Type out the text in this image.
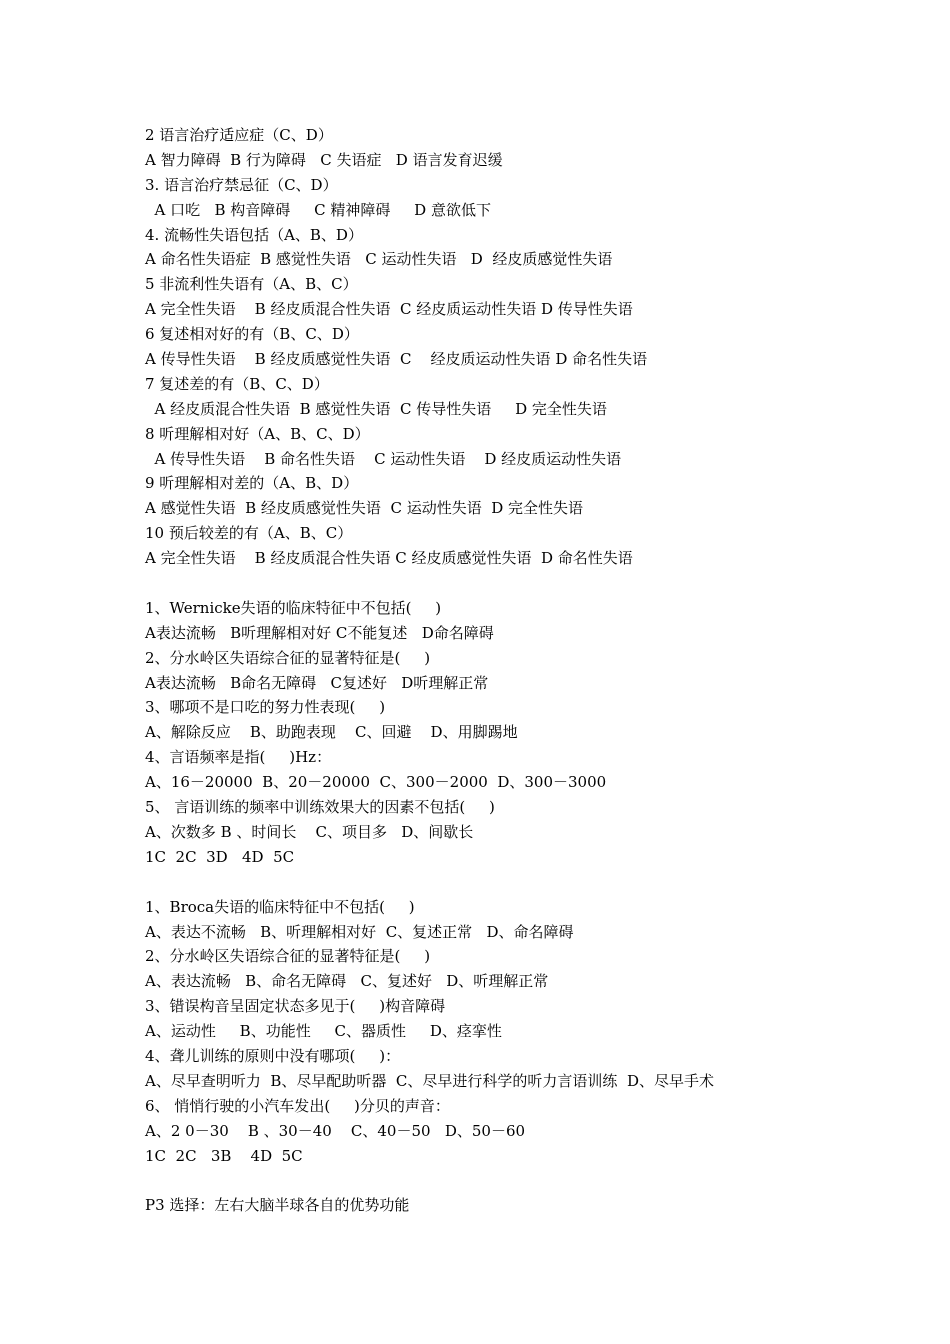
2 语言治疗适应症（C、D）
A 智力障碍  B 行为障碍   C 失语症   D 语言发育迟缓
3. 语言治疗禁忌征（C、D）
A 口吃   B 构音障碍     C 精神障碍     D 意欲低下
4. 流畅性失语包括（A、B、D）
A 命名性失语症  B 感觉性失语   C 运动性失语   D  经皮质感觉性失语
5 非流利性失语有（A、B、C）
A 完全性失语    B 经皮质混合性失语  C 经皮质运动性失语 D 传导性失语
6 复述相对好的有（B、C、D）
A 传导性失语    B 经皮质感觉性失语  C    经皮质运动性失语 D 命名性失语
7 复述差的有（B、C、D）
A 经皮质混合性失语  B 感觉性失语  C 传导性失语     D 完全性失语
8 听理解相对好（A、B、C、D）
A 传导性失语    B 命名性失语    C 运动性失语    D 经皮质运动性失语
9 听理解相对差的（A、B、D）
A 感觉性失语  B 经皮质感觉性失语  C 运动性失语  D 完全性失语
10 预后较差的有（A、B、C）
A 完全性失语    B 经皮质混合性失语 C 经皮质感觉性失语  D 命名性失语
1、Wernicke失语的临床特征中不包括(     )
A表达流畅   B听理解相对好 C不能复述   D命名障碍
2、分水岭区失语综合征的显著特征是(     )
A表达流畅   B命名无障碍   C复述好   D听理解正常
3、哪项不是口吃的努力性表现(     )
A、解除反应    B、助跑表现    C、回避    D、用脚踢地
4、言语频率是指(     )Hz：
A、16－20000  B、20－20000  C、300－2000  D、300－3000
5、 言语训练的频率中训练效果大的因素不包括(     )
A、次数多 B 、时间长    C、项目多   D、间歇长
1C  2C  3D   4D  5C
1、Broca失语的临床特征中不包括(     )
A、表达不流畅   B、听理解相对好  C、复述正常   D、命名障碍
2、分水岭区失语综合征的显著特征是(     )
A、表达流畅   B、命名无障碍   C、复述好   D、听理解正常
3、错误构音呈固定状态多见于(     )构音障碍
A、运动性     B、功能性     C、器质性     D、痉挛性
4、聋儿训练的原则中没有哪项(     )：
A、尽早查明听力  B、尽早配助听器  C、尽早进行科学的听力言语训练  D、尽早手术
6、 悄悄行驶的小汽车发出(     )分贝的声音：
A、2 0－30    B 、30－40    C、40－50   D、50－60
1C  2C   3B    4D  5C
P3 选择：左右大脑半球各自的优势功能
